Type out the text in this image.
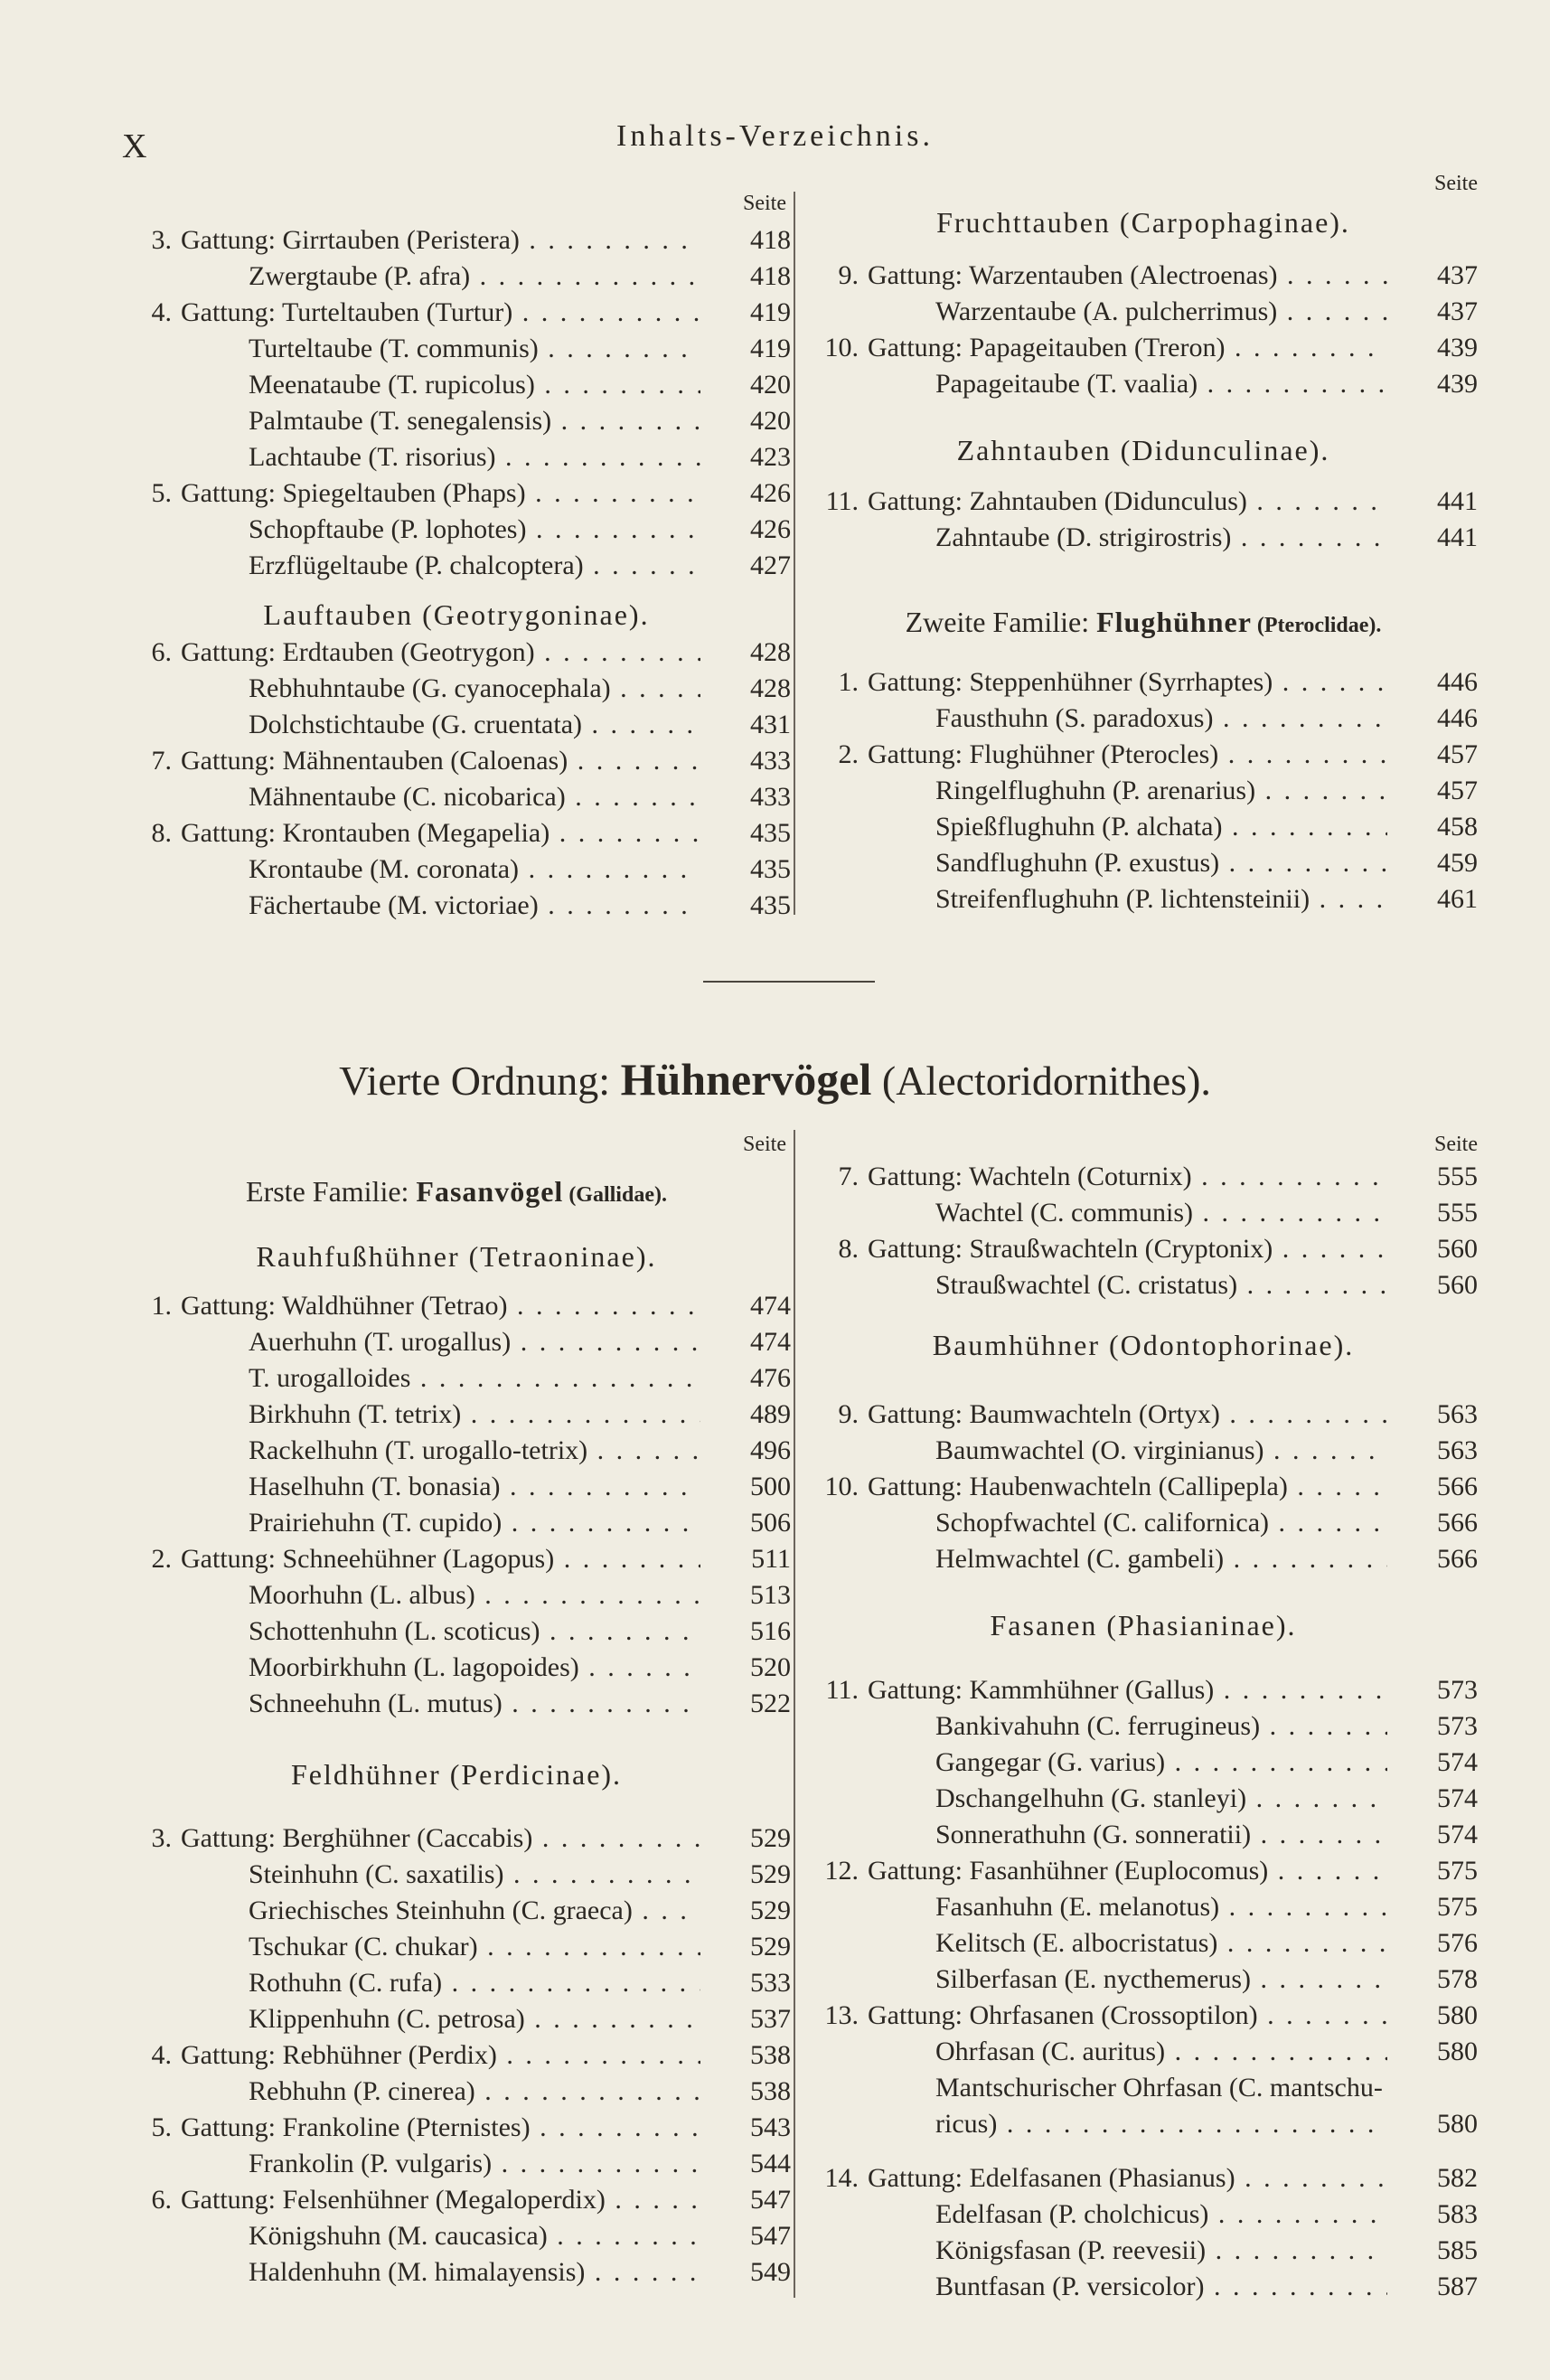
X	Inhalts-Verzeichnis.
Seite
Seite
3. Gattung: Girrtauben (Peristera) . . .	418
Zwergtaube (P. afra) . . .	418
4. Gattung: Turteltauben (Turtur) . . .	419
Turteltaube (T. communis) . . .	419
Meenataube (T. rupicolus) . . .	420
Palmtaube (T. senegalensis) . . .	420
Lachtaube (T. risorius) . . .	423
5. Gattung: Spiegeltauben (Phaps) . . .	426
Schopftaube (P. lophotes) . . .	426
Erzflügeltaube (P. chalcoptera) . . .	427
Lauftauben (Geotrygoninae).
6. Gattung: Erdtauben (Geotrygon) . . .	428
Rebhuhntaube (G. cyanocephala) . . .	428
Dolchstichtaube (G. cruentata) . . .	431
7. Gattung: Mähnentauben (Caloenas) . . .	433
Mähnentaube (C. nicobarica) . . .	433
8. Gattung: Krontauben (Megapelia) . . .	435
Krontaube (M. coronata) . . .	435
Fächertaube (M. victoriae) . . .	435
Fruchttauben (Carpophaginae).
9. Gattung: Warzentauben (Alectroenas) . . .	437
Warzentaube (A. pulcherrimus) . . .	437
10. Gattung: Papageitauben (Treron) . . .	439
Papageitaube (T. vaalia) . . .	439
Zahntauben (Didunculinae).
11. Gattung: Zahntauben (Didunculus) . . .	441
Zahntaube (D. strigirostris) . . .	441
Zweite Familie: Flughühner (Pteroclidae).
1. Gattung: Steppenhühner (Syrrhaptes) . . .	446
Fausthuhn (S. paradoxus) . . .	446
2. Gattung: Flughühner (Pterocles) . . .	457
Ringelflughuhn (P. arenarius) . . .	457
Spießflughuhn (P. alchata) . . .	458
Sandflughuhn (P. exustus) . . .	459
Streifenflughuhn (P. lichtensteinii) . . .	461
Vierte Ordnung: Hühnervögel (Alectoridornithes).
Seite	Seite
Erste Familie: Fasanvögel (Gallidae).
Rauhfußhühner (Tetraoninae).
1. Gattung: Waldhühner (Tetrao) . . .	474
Auerhuhn (T. urogallus) . . .	474
T. urogalloides . . .	476
Birkhuhn (T. tetrix) . . .	489
Rackelhuhn (T. urogallo-tetrix) . . .	496
Haselhuhn (T. bonasia) . . .	500
Prairiehuhn (T. cupido) . . .	506
2. Gattung: Schneehühner (Lagopus) . . .	511
Moorhuhn (L. albus) . . .	513
Schottenhuhn (L. scoticus) . . .	516
Moorbirkhuhn (L. lagopoides) . . .	520
Schneehuhn (L. mutus) . . .	522
Feldhühner (Perdicinae).
3. Gattung: Berghühner (Caccabis) . . .	529
Steinhuhn (C. saxatilis) . . .	529
Griechisches Steinhuhn (C. graeca) . . .	529
Tschukar (C. chukar) . . .	529
Rothuhn (C. rufa) . . .	533
Klippenhuhn (C. petrosa) . . .	537
4. Gattung: Rebhühner (Perdix) . . .	538
Rebhuhn (P. cinerea) . . .	538
5. Gattung: Frankoline (Pternistes) . . .	543
Frankolin (P. vulgaris) . . .	544
6. Gattung: Felsenhühner (Megaloperdix) . . .	547
Königshuhn (M. caucasica) . . .	547
Haldenhuhn (M. himalayensis) . . .	549
7. Gattung: Wachteln (Coturnix) . . .	555
Wachtel (C. communis) . . .	555
8. Gattung: Straußwachteln (Cryptonix) . . .	560
Straußwachtel (C. cristatus) . . .	560
Baumhühner (Odontophorinae).
9. Gattung: Baumwachteln (Ortyx) . . .	563
Baumwachtel (O. virginianus) . . .	563
10. Gattung: Haubenwachteln (Callipepla) . . .	566
Schopfwachtel (C. californica) . . .	566
Helmwachtel (C. gambeli) . . .	566
Fasanen (Phasianinae).
11. Gattung: Kammhühner (Gallus) . . .	573
Bankivahuhn (C. ferrugineus) . . .	573
Gangegar (G. varius) . . .	574
Dschangelhuhn (G. stanleyi) . . .	574
Sonnerathuhn (G. sonneratii) . . .	574
12. Gattung: Fasanhühner (Euplocomus) . . .	575
Fasanhuhn (E. melanotus) . . .	575
Kelitsch (E. albocristatus) . . .	576
Silberfasan (E. nycthemerus) . . .	578
13. Gattung: Ohrfasanen (Crossoptilon) . . .	580
Ohrfasan (C. auritus) . . .	580
Mantschurischer Ohrfasan (C. mantschu- . . .
ricus) . . .	580
14. Gattung: Edelfasanen (Phasianus) . . .	582
Edelfasan (P. cholchicus) . . .	583
Königsfasan (P. reevesii) . . .	585
Buntfasan (P. versicolor) . . .	587
